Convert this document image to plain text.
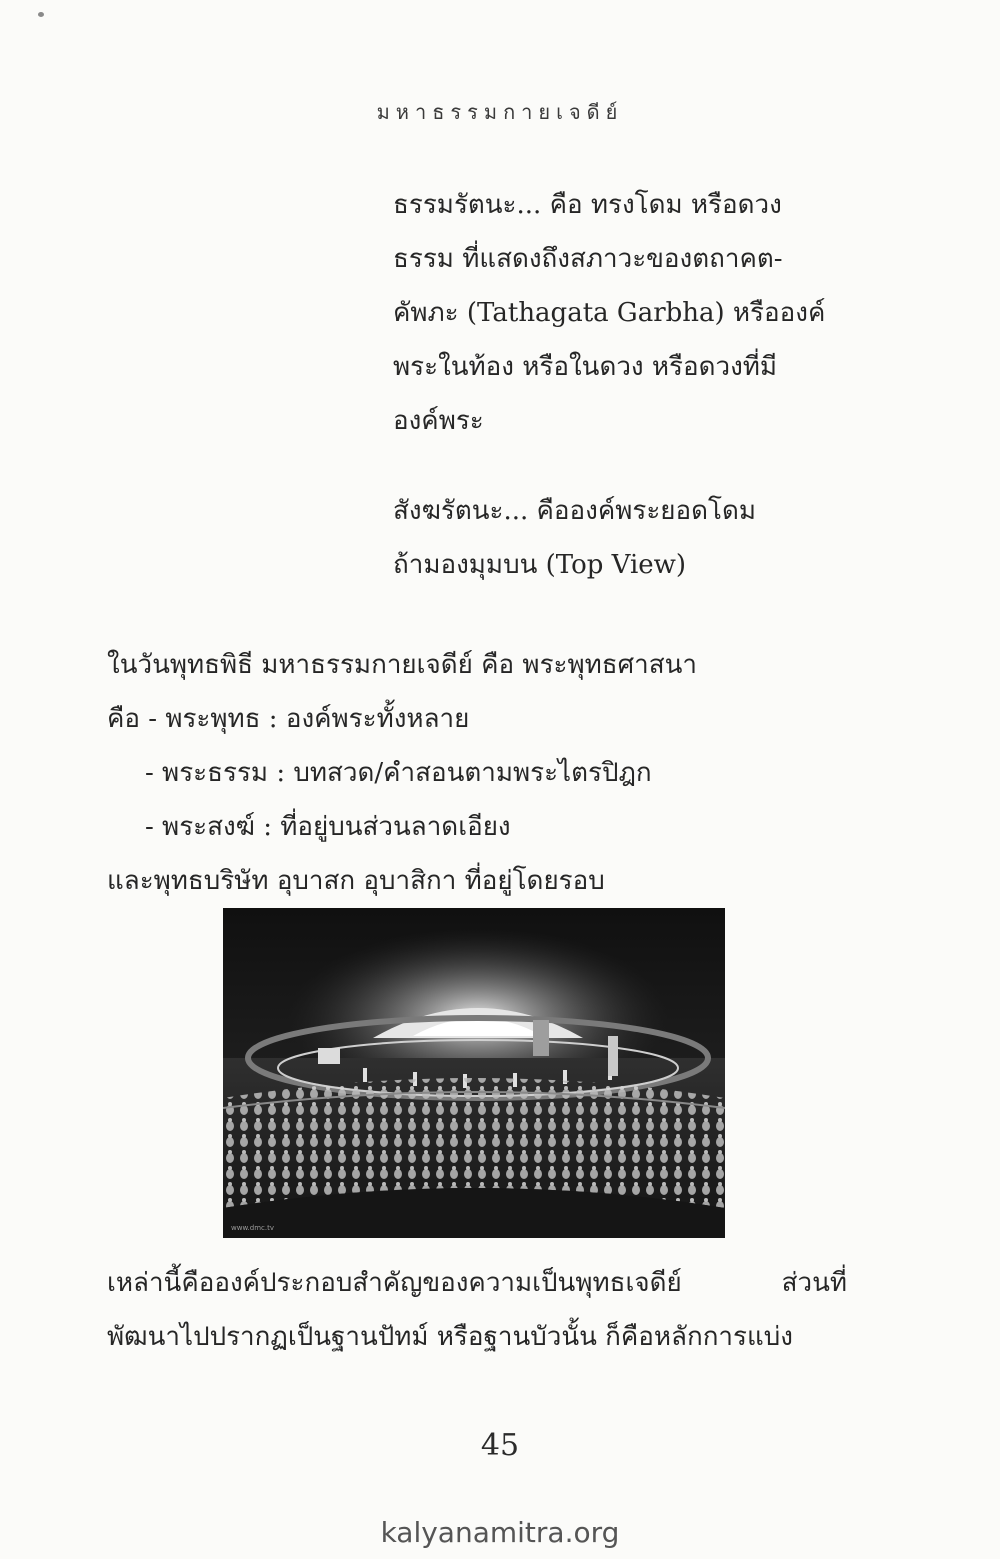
มหาธรรมกายเจดีย์
ธรรมรัตนะ... คือ ทรงโดม หรือดวง
ธรรม ที่แสดงถึงสภาวะของตถาคต-
คัพภะ (Tathagata Garbha) หรือองค์
พระในท้อง หรือในดวง หรือดวงที่มี
องค์พระ
สังฆรัตนะ... คือองค์พระยอดโดม
ถ้ามองมุมบน (Top View)
ในวันพุทธพิธี มหาธรรมกายเจดีย์ คือ พระพุทธศาสนา
คือ - พระพุทธ : องค์พระทั้งหลาย
- พระธรรม : บทสวด/คำสอนตามพระไตรปิฎก
- พระสงฆ์ : ที่อยู่บนส่วนลาดเอียง
และพุทธบริษัท อุบาสก อุบาสิกา ที่อยู่โดยรอบ
www.dmc.tv
เหล่านี้คือองค์ประกอบสำคัญของความเป็นพุทธเจดีย์	ส่วนที่
พัฒนาไปปรากฏเป็นฐานปัทม์ หรือฐานบัวนั้น ก็คือหลักการแบ่ง
45
kalyanamitra.org
